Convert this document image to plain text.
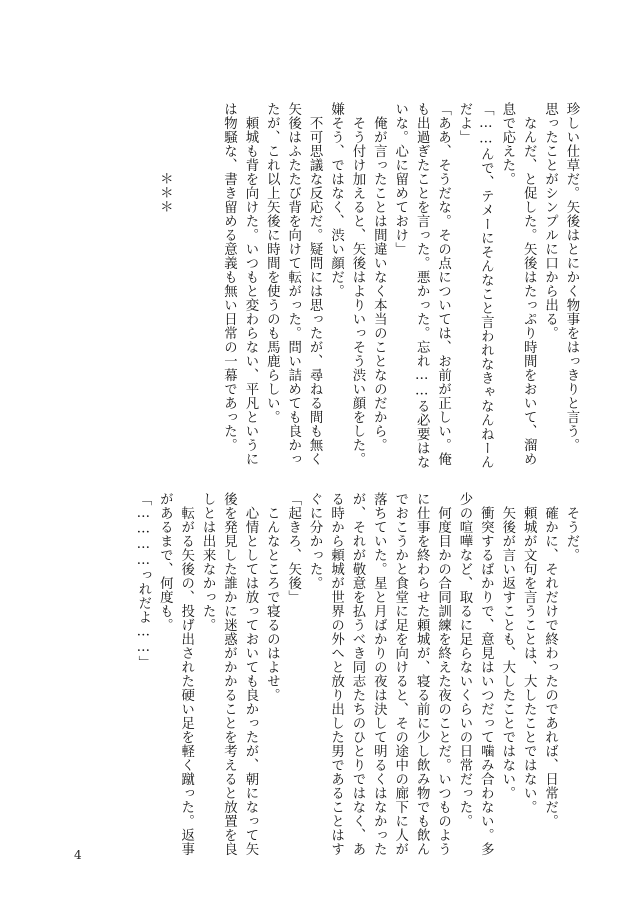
珍しい仕草だ。矢後はとにかく物事をはっきりと言う。
思ったことがシンプルに口から出る。
　なんだ、と促した。矢後はたっぷり時間をおいて、溜め
息で応えた。
「……んで、テメーにそんなこと言われなきゃなんねーん
だよ」
「ああ、そうだな。その点については、お前が正しい。俺
も出過ぎたことを言った。悪かった。忘れ……る必要はな
いな。心に留めておけ」
　俺が言ったことは間違いなく本当のことなのだから。
　そう付け加えると、矢後はよりいっそう渋い顔をした。
嫌そう、ではなく、渋い顔だ。
　不可思議な反応だ。疑問には思ったが、尋ねる間も無く
矢後はふたたび背を向けて転がった。問い詰めても良かっ
たが、これ以上矢後に時間を使うのも馬鹿らしい。
　頼城も背を向けた。いつもと変わらない、平凡というに
は物騒な、書き留める意義も無い日常の一幕であった。

　　　　　＊＊＊
　そうだ。
　確かに、それだけで終わったのであれば、日常だ。
　頼城が文句を言うことは、大したことではない。
　矢後が言い返すことも、大したことではない。
　衝突するばかりで、意見はいつだって噛み合わない。多
少の喧嘩など、取るに足らないくらいの日常だった。
　何度目かの合同訓練を終えた夜のことだ。いつものよう
に仕事を終わらせた頼城が、寝る前に少し飲み物でも飲ん
でおこうかと食堂に足を向けると、その途中の廊下に人が
落ちていた。星と月ばかりの夜は決して明るくはなかった
が、それが敬意を払うべき同志たちのひとりではなく、あ
る時から頼城が世界の外へと放り出した男であることはす
ぐに分かった。
「起きろ、矢後」
　こんなところで寝るのはよせ。
　心情としては放っておいても良かったが、朝になって矢
後を発見した誰かに迷惑がかかることを考えると放置を良
しとは出来なかった。
　転がる矢後の、投げ出された硬い足を軽く蹴った。返事
があるまで、何度も。
「…………っれだよ……」
4
